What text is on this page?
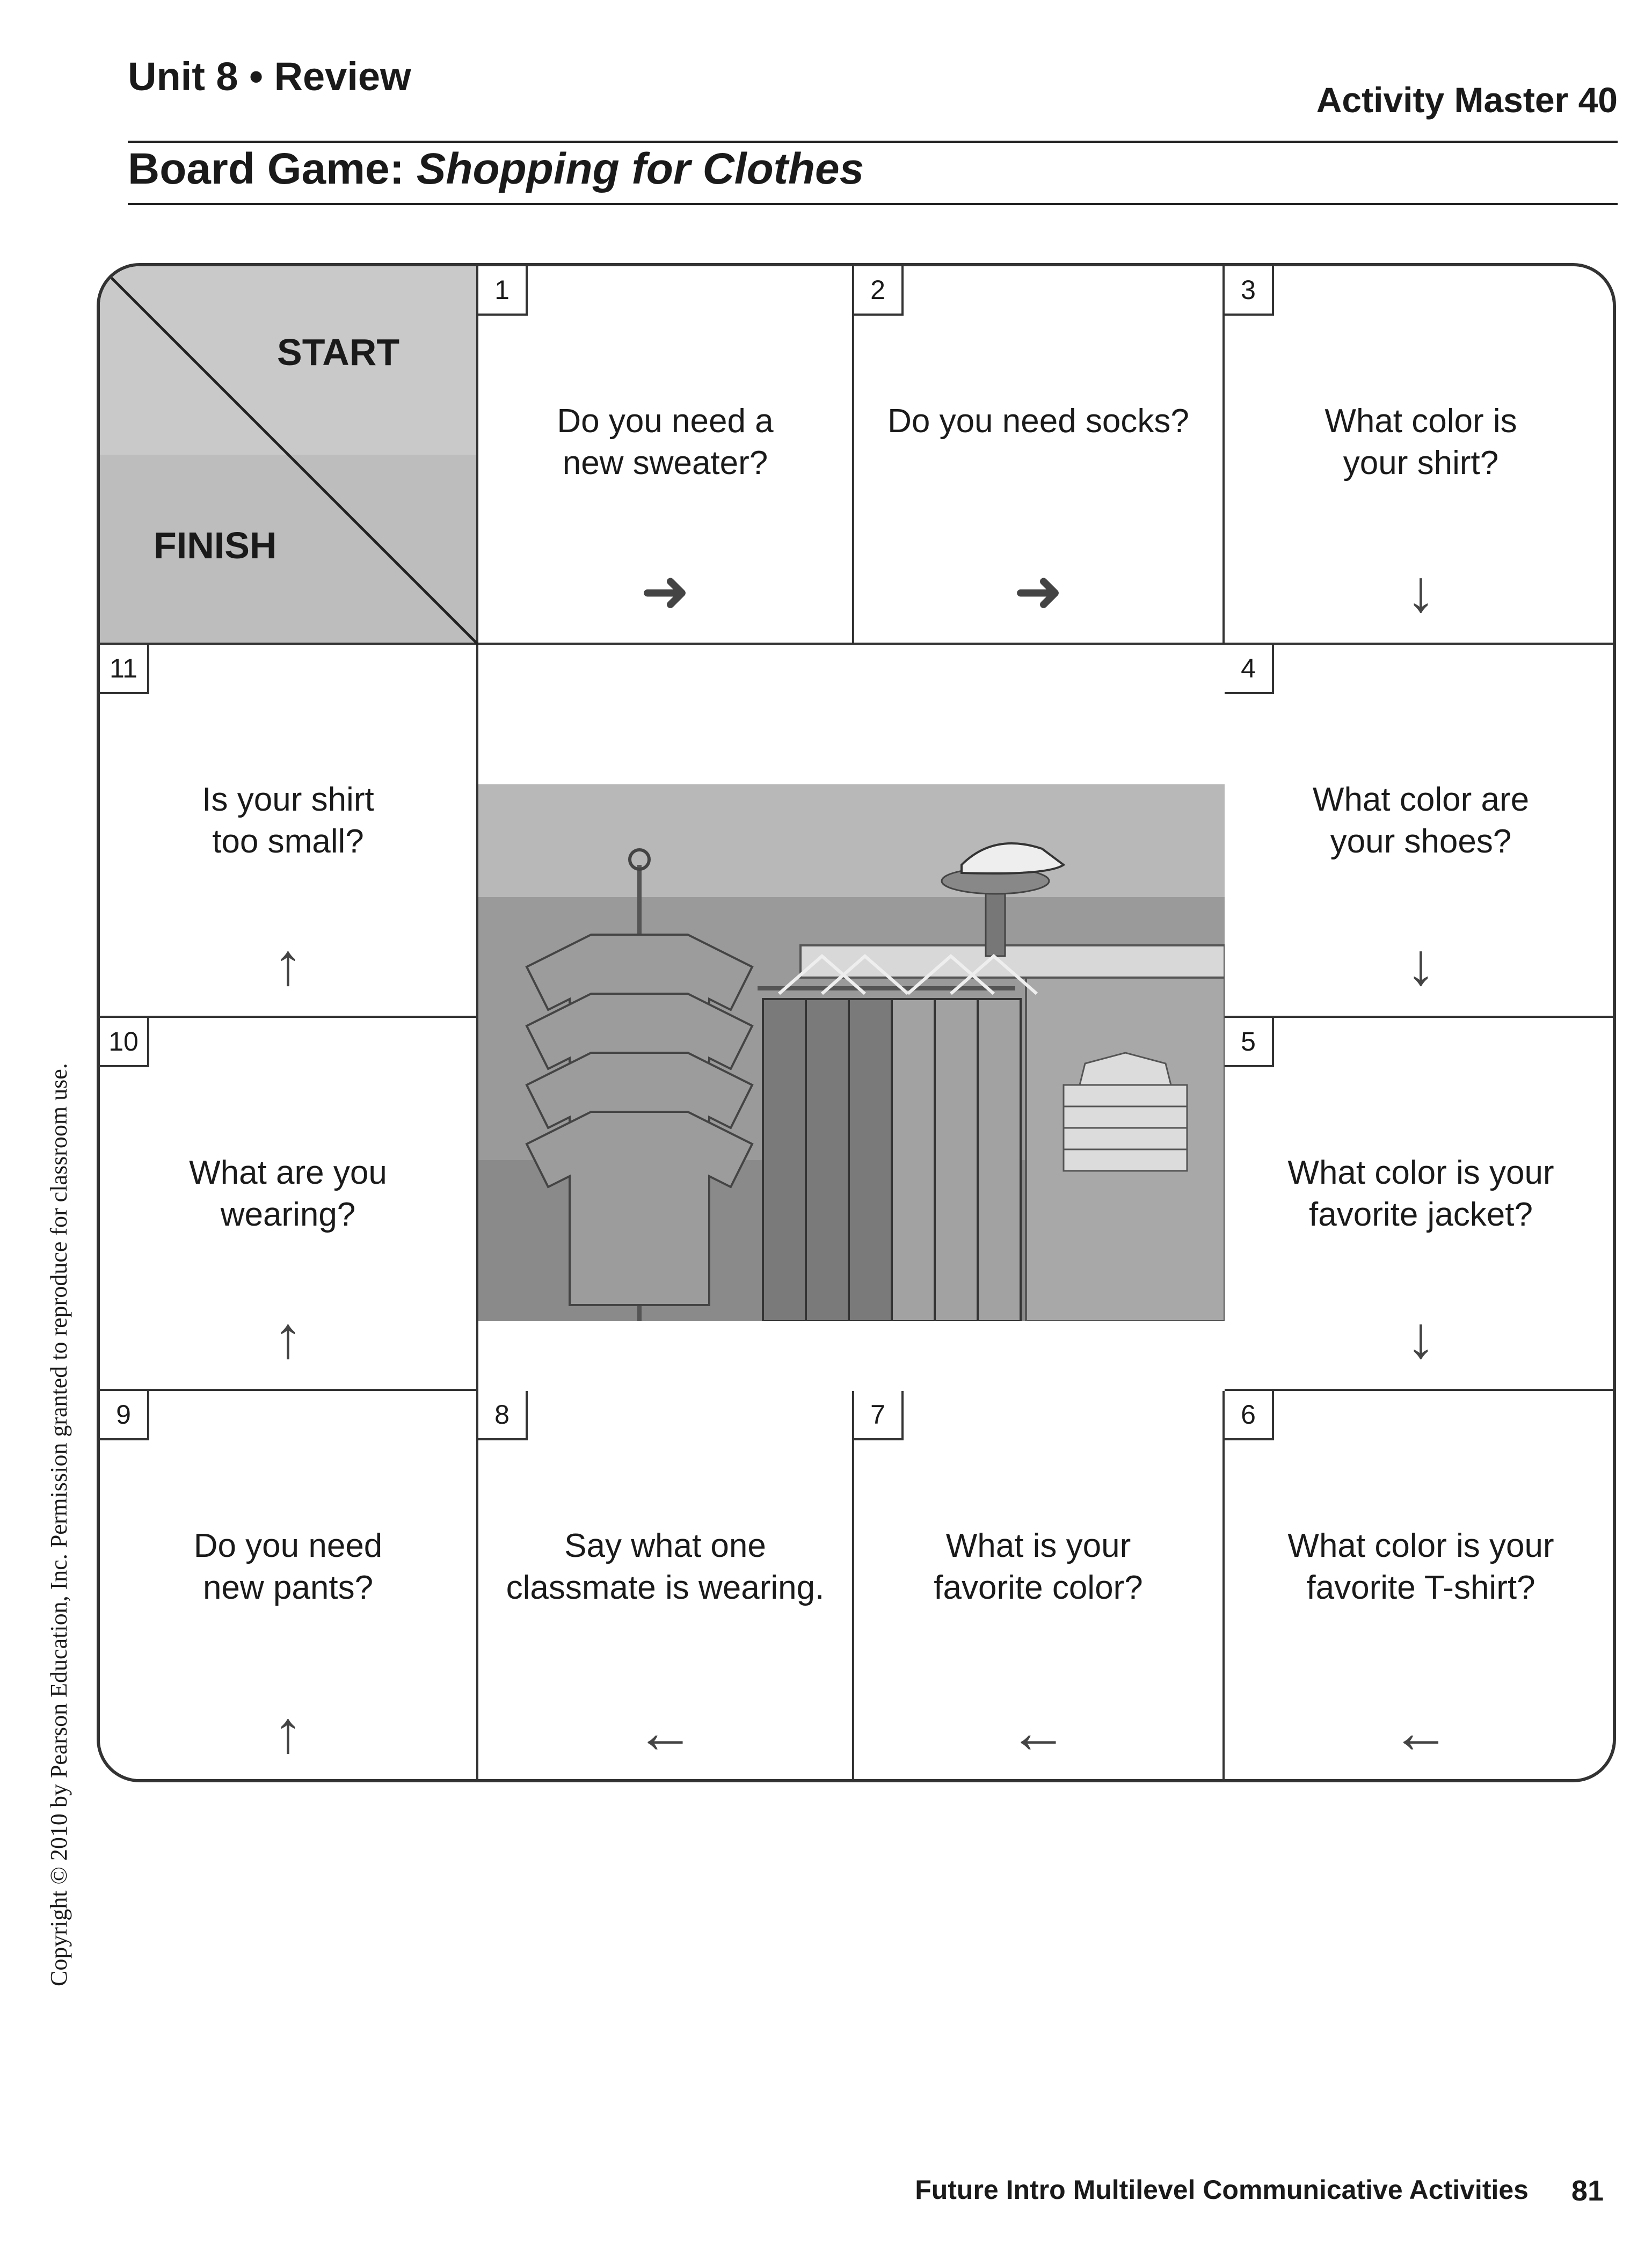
Unit 8 • Review
Activity Master 40
Board Game: Shopping for Clothes
START
FINISH
1
Do you need a
new sweater?
➜
2
Do you need socks?
➜
3
What color is
your shirt?
↓
4
What color are
your shoes?
↓
5
What color is your
favorite jacket?
↓
6
What color is your
favorite T-shirt?
←
7
What is your
favorite color?
←
8
Say what one
classmate is wearing.
←
9
Do you need
new pants?
↑
10
What are you
wearing?
↑
11
Is your shirt
too small?
↑
Copyright © 2010 by Pearson Education, Inc. Permission granted to reproduce for classroom use.
Future Intro Multilevel Communicative Activities 81
